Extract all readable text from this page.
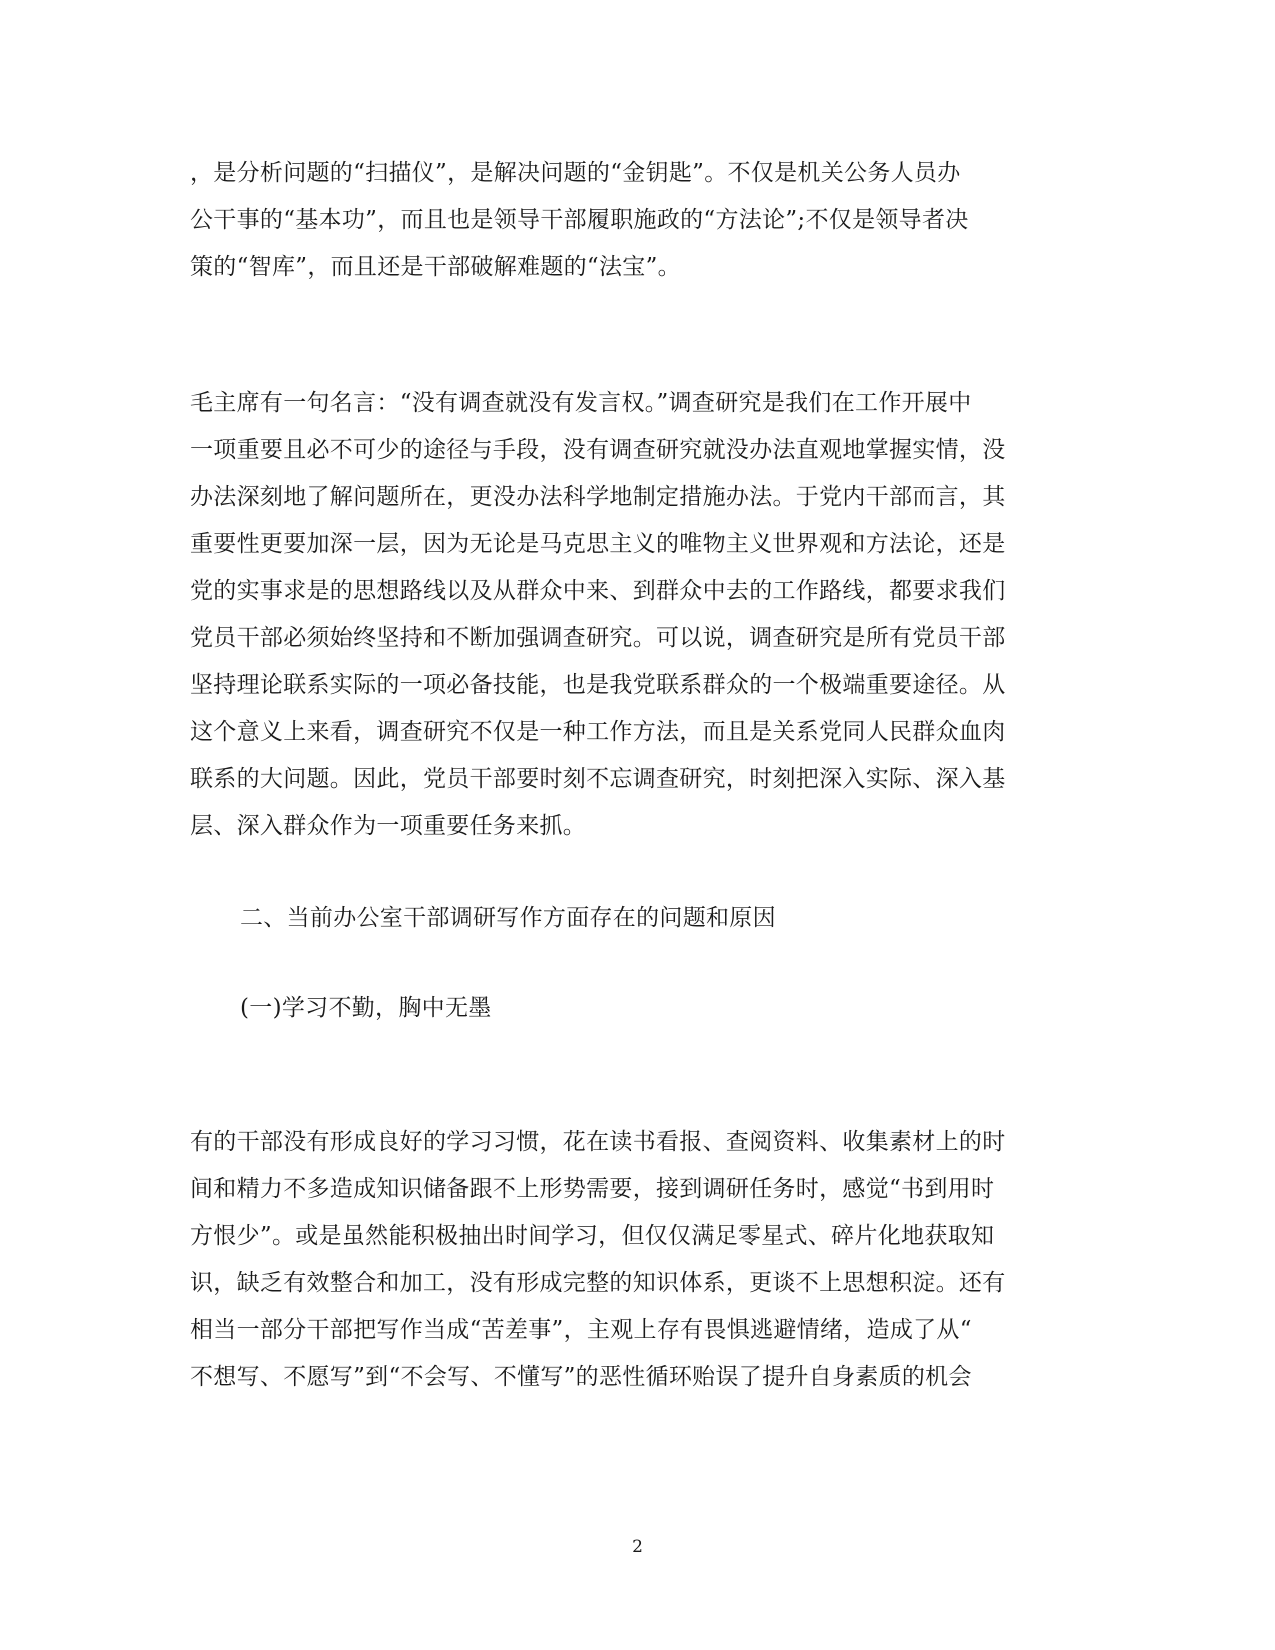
，是分析问题的“扫描仪”，是解决问题的“金钥匙”。不仅是机关公务人员办
公干事的“基本功”，而且也是领导干部履职施政的“方法论”;不仅是领导者决
策的“智库”，而且还是干部破解难题的“法宝”。
毛主席有一句名言：“没有调查就没有发言权。”调查研究是我们在工作开展中
一项重要且必不可少的途径与手段，没有调查研究就没办法直观地掌握实情，没
办法深刻地了解问题所在，更没办法科学地制定措施办法。于党内干部而言，其
重要性更要加深一层，因为无论是马克思主义的唯物主义世界观和方法论，还是
党的实事求是的思想路线以及从群众中来、到群众中去的工作路线，都要求我们
党员干部必须始终坚持和不断加强调查研究。可以说，调查研究是所有党员干部
坚持理论联系实际的一项必备技能，也是我党联系群众的一个极端重要途径。从
这个意义上来看，调查研究不仅是一种工作方法，而且是关系党同人民群众血肉
联系的大问题。因此，党员干部要时刻不忘调查研究，时刻把深入实际、深入基
层、深入群众作为一项重要任务来抓。
二、当前办公室干部调研写作方面存在的问题和原因
(一)学习不勤，胸中无墨
有的干部没有形成良好的学习习惯，花在读书看报、查阅资料、收集素材上的时
间和精力不多造成知识储备跟不上形势需要，接到调研任务时，感觉“书到用时
方恨少”。或是虽然能积极抽出时间学习，但仅仅满足零星式、碎片化地获取知
识，缺乏有效整合和加工，没有形成完整的知识体系，更谈不上思想积淀。还有
相当一部分干部把写作当成“苦差事”，主观上存有畏惧逃避情绪，造成了从“
不想写、不愿写”到“不会写、不懂写”的恶性循环贻误了提升自身素质的机会
2
